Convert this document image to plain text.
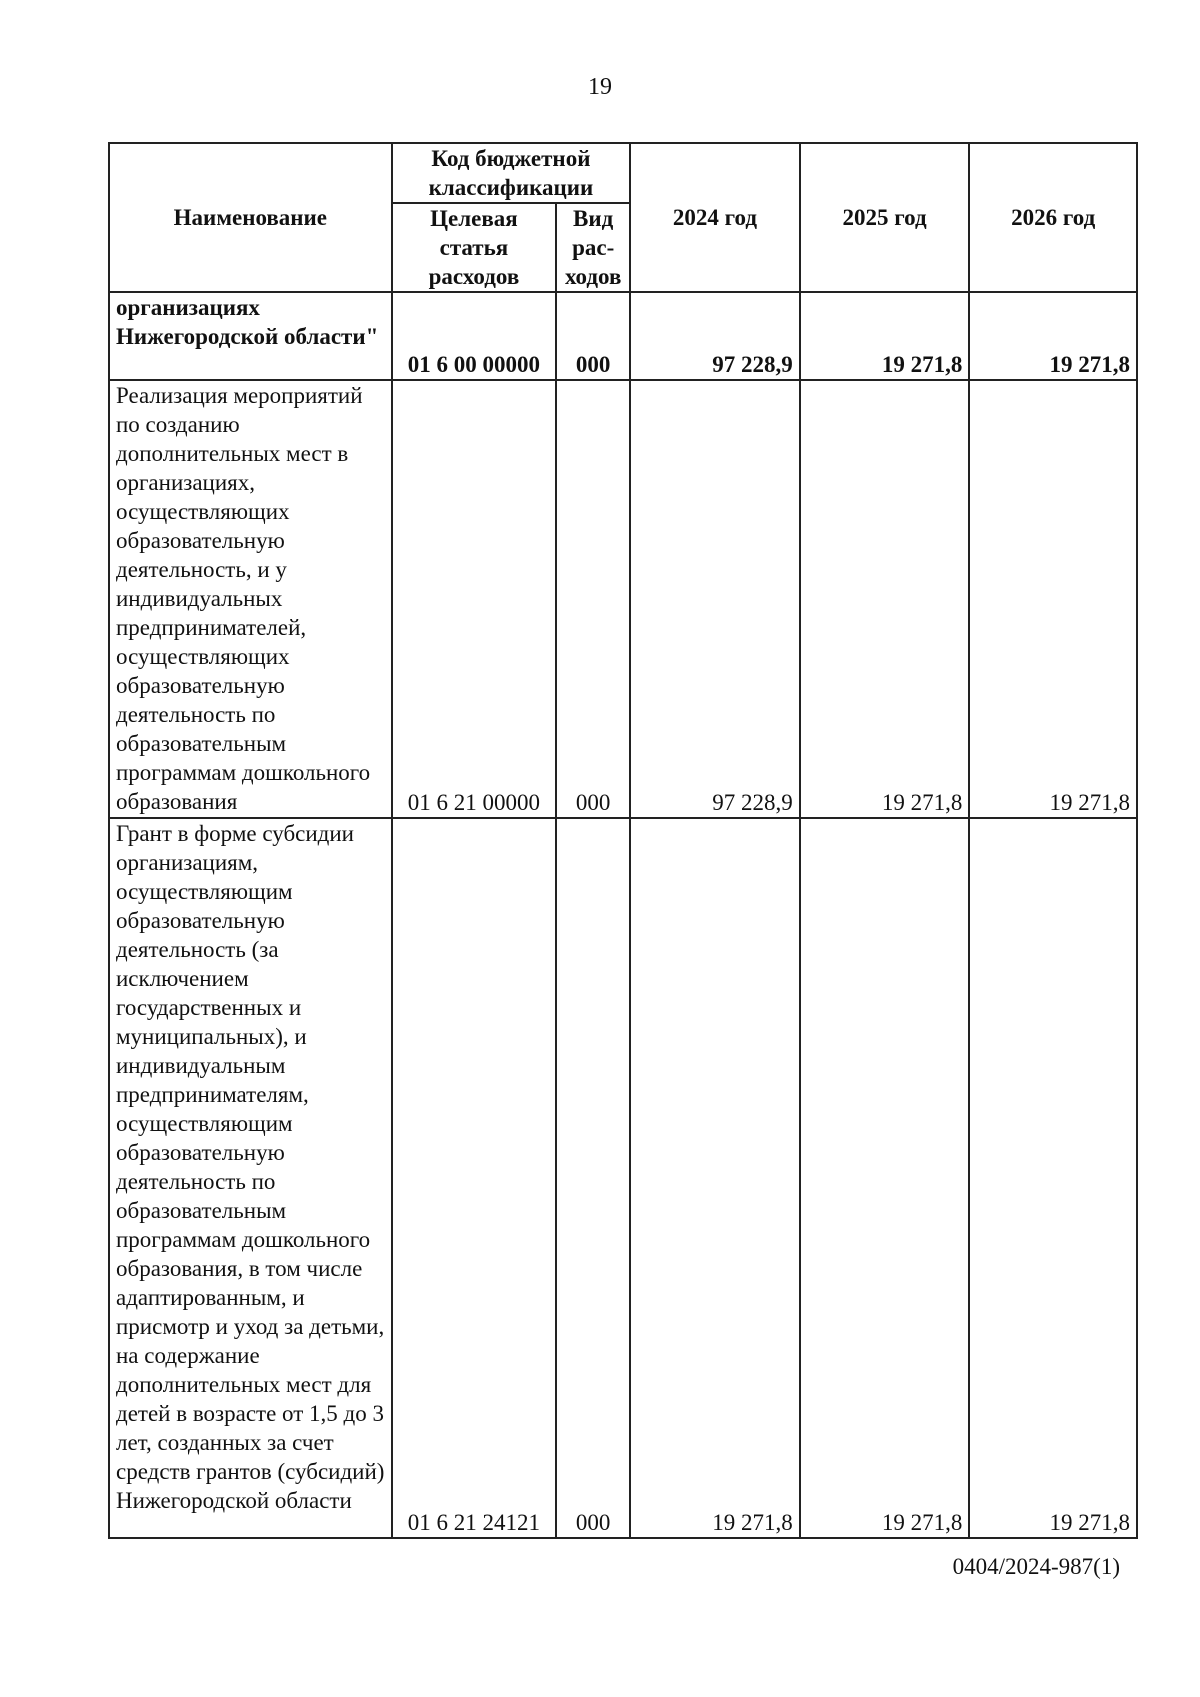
19
Наименование	Код бюджетной классификации		2024 год	2025 год	2026 год
	Целевая статья расходов	Вид рас-ходов			
организациях Нижегородской области"	01 6 00 00000	000	97 228,9	19 271,8	19 271,8
Реализация мероприятий по созданию дополнительных мест в организациях, осуществляющих образовательную деятельность, и у индивидуальных предпринимателей, осуществляющих образовательную деятельность по образовательным программам дошкольного образования	01 6 21 00000	000	97 228,9	19 271,8	19 271,8
Грант в форме субсидии организациям, осуществляющим образовательную деятельность (за исключением государственных и муниципальных), и индивидуальным предпринимателям, осуществляющим образовательную деятельность по образовательным программам дошкольного образования, в том числе адаптированным, и присмотр и уход за детьми, на содержание дополнительных мест для детей в возрасте от 1,5 до 3 лет, созданных за счет средств грантов (субсидий) Нижегородской области	01 6 21 24121	000	19 271,8	19 271,8	19 271,8
0404/2024-987(1)
